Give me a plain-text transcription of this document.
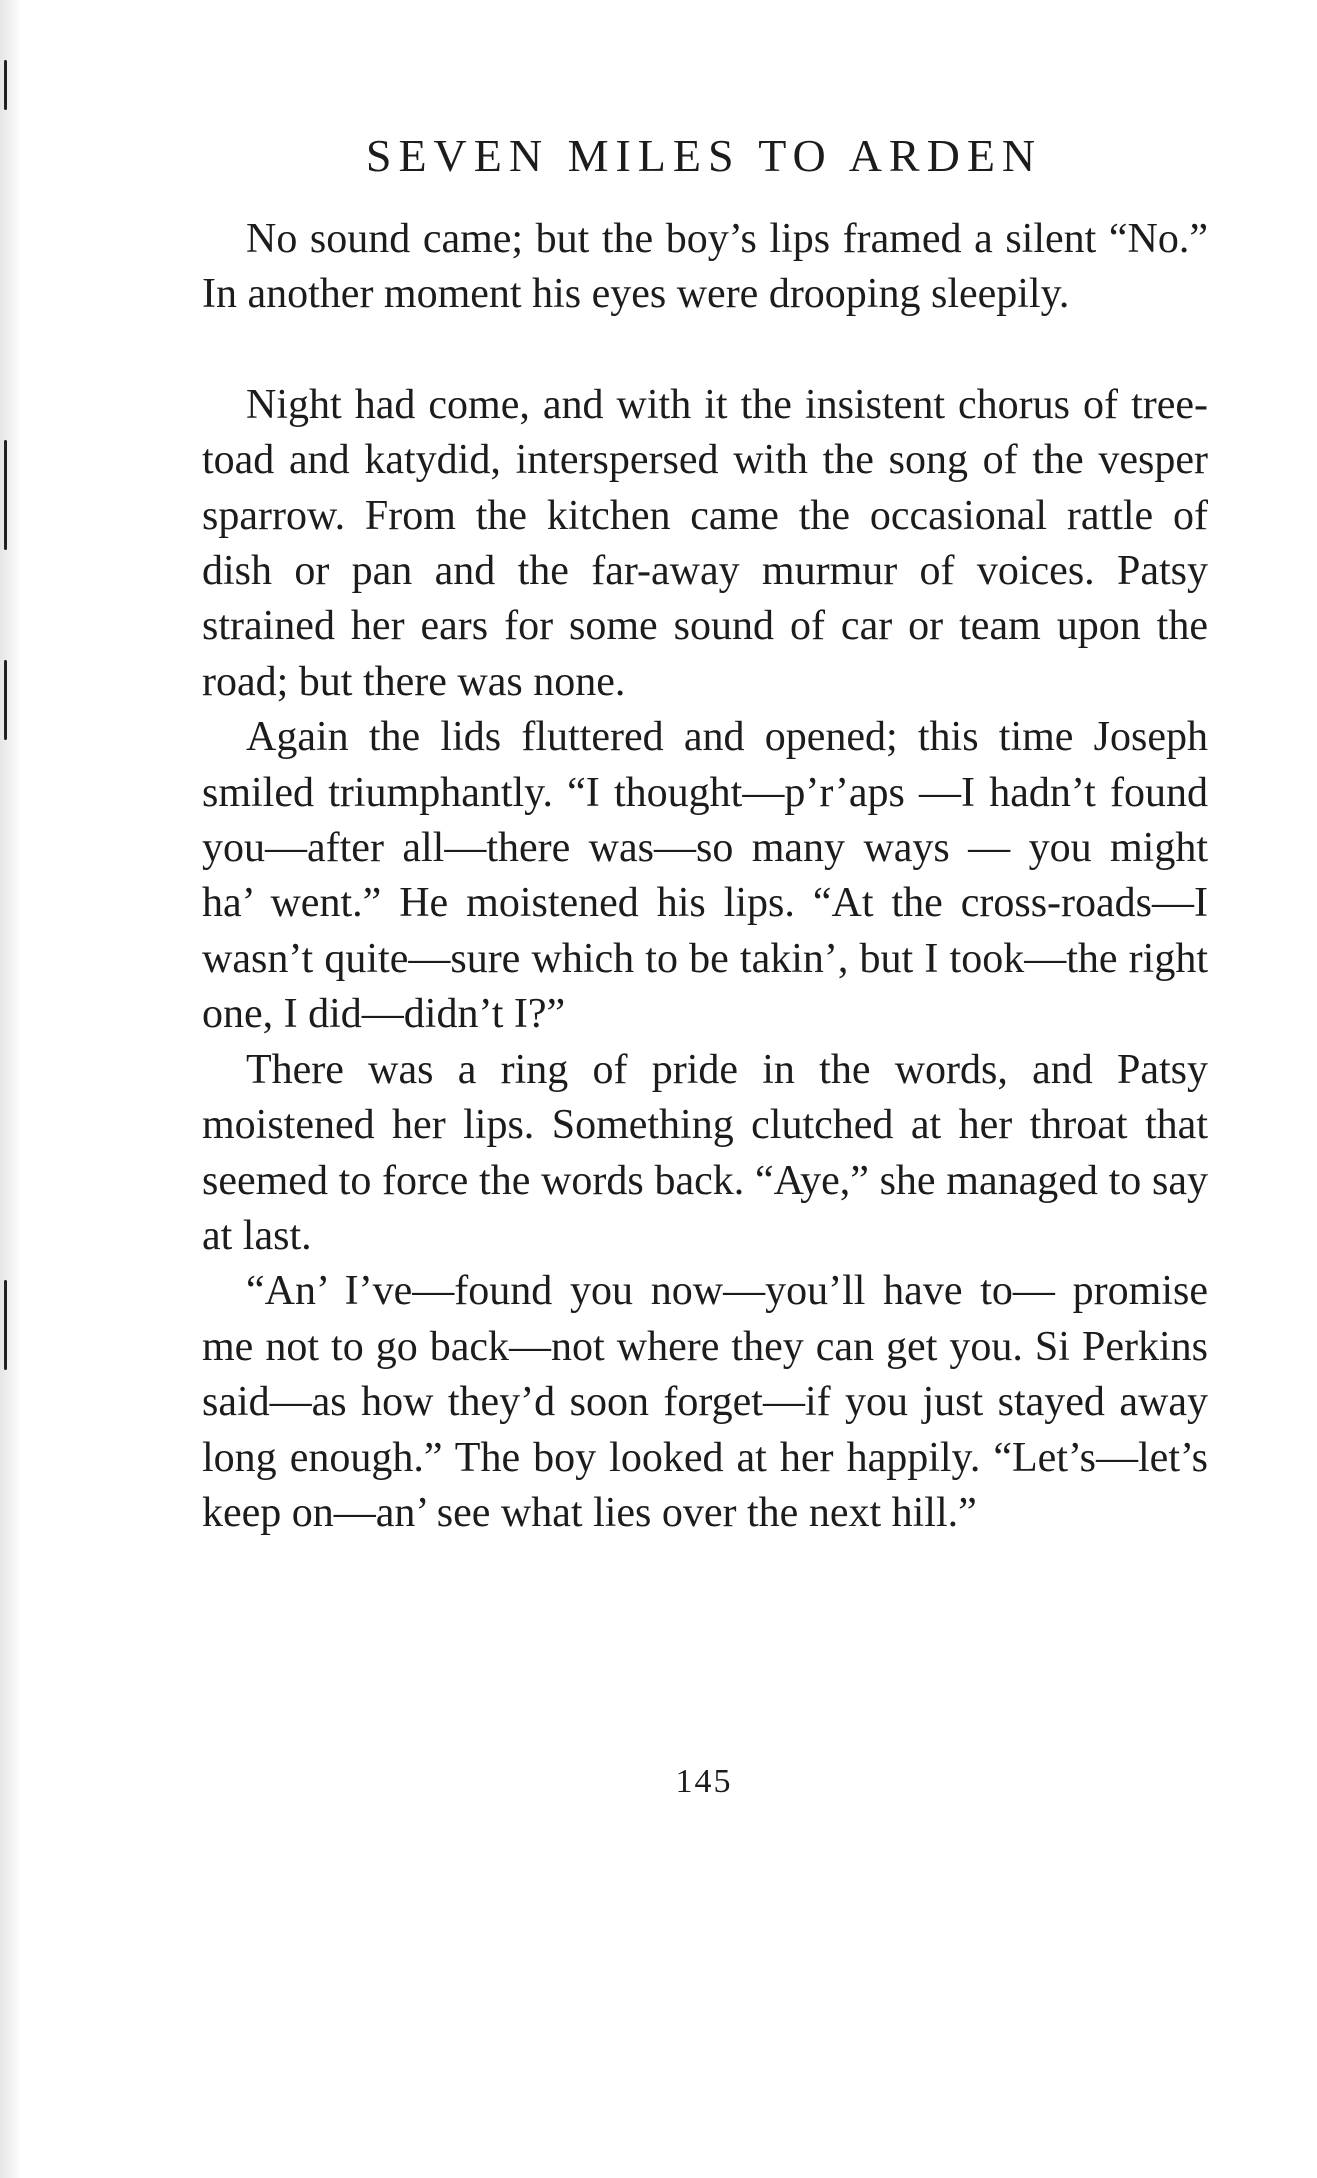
SEVEN MILES TO ARDEN

No sound came; but the boy’s lips framed a silent “No.” In another moment his eyes were drooping sleepily.

Night had come, and with it the insistent chorus of tree-toad and katydid, interspersed with the song of the vesper sparrow. From the kitchen came the occasional rattle of dish or pan and the far-away murmur of voices. Patsy strained her ears for some sound of car or team upon the road; but there was none.

Again the lids fluttered and opened; this time Joseph smiled triumphantly. “I thought—p’r’aps —I hadn’t found you—after all—there was—so many ways — you might ha’ went.” He moistened his lips. “At the cross-roads—I wasn’t quite—sure which to be takin’, but I took—the right one, I did—didn’t I?”

There was a ring of pride in the words, and Patsy moistened her lips. Something clutched at her throat that seemed to force the words back. “Aye,” she managed to say at last.

“An’ I’ve—found you now—you’ll have to— promise me not to go back—not where they can get you. Si Perkins said—as how they’d soon forget—if you just stayed away long enough.” The boy looked at her happily. “Let’s—let’s keep on—an’ see what lies over the next hill.”

145
